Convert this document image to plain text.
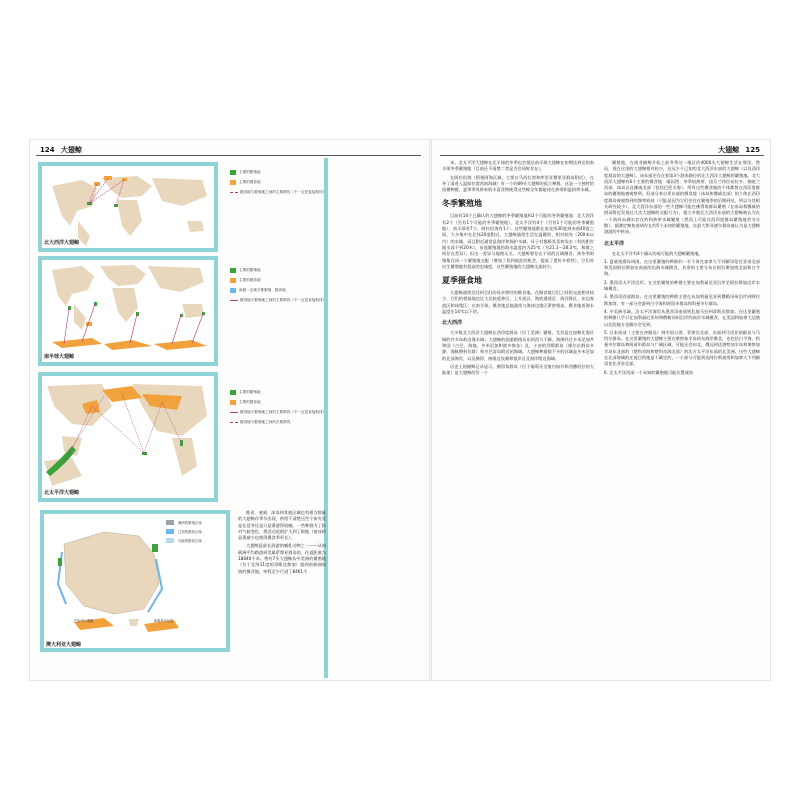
124 大翅鲸	大翅鲸 125
北大西洋大翅鲸
主要的繁殖地
主要的摄食地
摄食地与繁殖地之间的主要路线（不一定是直接航线）
南半球大翅鲸
主要的繁殖地
主要的摄食地
南极一定地方都繁殖、摄食地
摄食地与繁殖地之间的主要路线（不一定是直接航线）
北太平洋大翅鲸
主要的繁殖地
主要的摄食地
摄食地与繁殖地之间的主要路线（不一定是直接航线）
摄食地与繁殖地之间的次要路线
澳洲的繁殖区域
已知的摄食区域
可能的摄食区域
巴哈州大堡礁	新喀里多尼亚
澳大利亚大翅鲸

维省、斐威、冰岛和其他区域也有相当数量的大翅鲸存季节出现，供给不清楚这些个体究竟是在延冬还是只是滞游得较晚。一些种群为了防对气候变化，将活动范围扩大到了极地（南冰的显著减少也使得摄食季更长）。

大翅鲸是最长洄游的哺乳动物之一——从南极洲平均路游到美属萨摩亚群岛的、往返距离为18840千米。曾有7头大翅鲸从中美洲的繁殖地（位于北纬11度的哥斯达黎加）游到南极洲周围的摄食地，单程至少行进了8461千

米。北太平洋大翅鲸在北半球的冬季也会抵达南半球大翅鲸在初期达到达的南半球冬季繁殖地（目前还不清楚二者是否会同时存在）。

在阿拉伯海（阿曼阿海区域，主要在马西拉湾和库里亚穆里亚群岛附近），在冬了清进入温如拉湾西南海域）有一个约89头大翅鲸的孤立种群。这是一个独特的留栖种群，夏季季风带来的丰富食物使得这些鲸全年都能待在热带和温热带水域。

冬季繁殖地

目前有14个已确认的大翅鲸的冬季繁殖地和2个可能的冬季繁殖地：北大西洋有2个（另有1个可能的冬季繁殖地），北太平洋有4个（另有1个可能的冬季繁殖地），南半球有7个，阿拉伯海有1个。这些繁殖地都在南北纬30度到赤道40度之间，大多集中在北纬20度附近。大翅鲸通常生活在温暖的、相对较浅（200米以内）的水域，而且附近通常是海岸和保护水域。母子对都极其喜欢浅水（有的距岸地水深不到20米），首选繁殖地的海水温度约为25℃（为21.1～28.3℃，和群之间存在差异），但这一差异与地理无关。大翅鲸要存在不同的区域摄食，到冬季则聚集在同一个繁殖地交配（增加了找到彼此的机会，提高了遗传多样性）。它们对出生繁殖地有很高的忠诚度，这些繁殖地的大翅鲸交流较少。

夏季摄食地

大翅鲸通常会回到它们的母亲曾经的摄食地。在摄食地它们之间的交流相对较少，它们的相似地也比大比较延伸区，上升流区、海底通道区、海洋锋区、东边界流区和冰缘区；在南半球，摄食地总地通常与海冰边缘区紧密相连。摄食地着海水温度在14℃以下的。

北大西洋

大多数北大西洋大翅鲸在西印度群岛（拉丁美洲）繁殖，尤其是在加勒比海区域的许多岛屿沿海水域；大翅鲸的洄游路线从东到西与不断，海绵经过多米尼加共和国（古巴、海地、多米尼加和波多黎各）及、小安的列斯群岛（维尔京群岛多源、海豚塑料位群）和多巴哥岛附近的海域。大翅鲸种群数不多的区域是多米尼加的北部海岸，以及佛得、纳维达浅滩和银岸区及海岸附近海域。

历史上的捕鲸记录显示，佛得角群岛（位于葡萄牙至塞内加尔和西撒哈拉的大陆架）是大翅鲸的另一个

繁殖地，在商业捕鲸开始之前冬季这一地区约4000头大翅鲸生活在那里。然而，现在这里的大翅鲸相对较少，这远少于已知的北大西洋东部的大翅鲸（以及西印度群岛的大翅鲸）。该东部还存在着第3个洄来路径的北大西洋大翅鲸的繁殖地。北大西洋大翅鲸有6个主要的摄食地：缅因湾、冬季较热带，纽芬兰和拉布拉多、格陵兰西部、冰岛以及挪威北部（包括巴伦支海），所有这些摄食地的个体都曾在西印度群岛的繁殖地被观察到。但部分来自更东部的摄食地（冰岛和挪威北部）的个体在西印度群岛被观察到的频率较低（可能是因为它们往往在繁殖季的后期到达，所以与其相关研究较少）。北大西洋东部的一些大翅鲸可能在佛得角群岛繁殖（在冰岛和挪威的照岛附近发现过几次大翅鲸的交配行为），根大多数北大西洋东部的大翅鲸被认为在一个尚尚未确实存在的和热带水域繁殖（然而上可能比西印度群岛繁殖地更为分散）。据测定鲸鱼南胡存在约5个未知的繁殖地，在最大和亚速尔群岛被认为是大翅鲸洄游的中转站。

北太平洋

在北太平洋有4个确认的或可能的大翅鲸繁殖地。

1. 夏威夷群岛周围。在这里繁殖的种群约一半个体在加拿大不列颠哥伦比亚省北部和美国阿拉斯加东南部的沿海水域摄食，其余的主要分布在阿拉斯加湾北部和白令海。

2. 墨西哥太平洋沿岸。在这里繁殖的种群主要在加利福尼亚沿岸至阿拉斯加沿岸水域摄食。

3. 墨西哥西部群岛。在这里繁殖的种群主要在从加利福尼亚到俄勒冈州沿岸到阿拉斯加湾，有一部分会游到白令海和阿留申群岛和科曼多尔群岛。

4. 中美洲水域。沿太平洋海岸从墨西哥南部到危地马拉到哥斯达黎加。在这里繁殖的种群几乎只在加利福尼亚州和俄勒冈州沿岸的高岸水域摄食。在美国和加拿大边境以北的地方也偶尔会见到。

5. 日本南部（主要在冲绳岛）到中国台湾、菲律宾北部、东部到马里亚纳群岛与马绍尔群岛。在这里繁殖的大翅鲸主要在堪察加半岛的东海岸摄食，也包括白令海、科曼多尔群岛和阿留申群岛与广阔区域，可能还会向北，俄远到达堪察加半岛和堪察加半岛东北部的（楚科奇海和楚科奇海北部）的北方太平洋东部的北美洲。这些大翅鲸在北部海域的迁徙目的地是不确定的，一小部分可能到达阿拉斯加湾和加拿大不列颠哥伦比亚省北部。

6. 北太平洋西部一个未知的繁殖地可能位置或南
